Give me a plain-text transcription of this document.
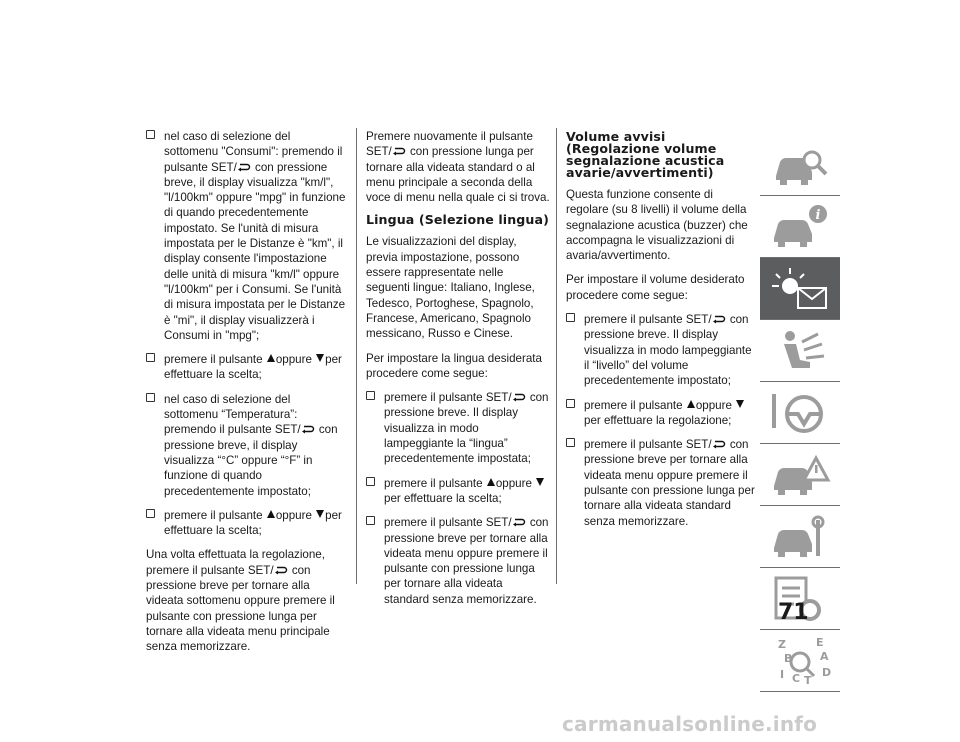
nel caso di selezione del sottomenu "Consumi": premendo il pulsante SET/ con pressione breve, il display visualizza "km/l", "l/100km" oppure "mpg" in funzione di quando precedentemente impostato. Se l'unità di misura impostata per le Distanze è "km", il display consente l'impostazione delle unità di misura "km/l" oppure "l/100km" per i Consumi. Se l'unità di misura impostata per le Distanze è "mi", il display visualizzerà i Consumi in "mpg";
premere il pulsante oppure per effettuare la scelta;
nel caso di selezione del sottomenu “Temperatura”: premendo il pulsante SET/ con pressione breve, il display visualizza “°C” oppure “°F” in funzione di quando precedentemente impostato;
premere il pulsante oppure per effettuare la scelta;
Una volta effettuata la regolazione, premere il pulsante SET/ con pressione breve per tornare alla videata sottomenu oppure premere il pulsante con pressione lunga per tornare alla videata menu principale senza memorizzare.
Premere nuovamente il pulsante SET/ con pressione lunga per tornare alla videata standard o al menu principale a seconda della voce di menu nella quale ci si trova.
Lingua (Selezione lingua)
Le visualizzazioni del display, previa impostazione, possono essere rappresentate nelle seguenti lingue: Italiano, Inglese, Tedesco, Portoghese, Spagnolo, Francese, Americano, Spagnolo messicano, Russo e Cinese.
Per impostare la lingua desiderata procedere come segue:
premere il pulsante SET/ con pressione breve. Il display visualizza in modo lampeggiante la “lingua” precedentemente impostata;
premere il pulsante oppure per effettuare la scelta;
premere il pulsante SET/ con pressione breve per tornare alla videata menu oppure premere il pulsante con pressione lunga per tornare alla videata standard senza memorizzare.
Volume avvisi (Regolazione volume segnalazione acustica avarie/avvertimenti)
Questa funzione consente di regolare (su 8 livelli) il volume della segnalazione acustica (buzzer) che accompagna le visualizzazioni di avaria/avvertimento.
Per impostare il volume desiderato procedere come segue:
premere il pulsante SET/ con pressione breve. Il display visualizza in modo lampeggiante il “livello” del volume precedentemente impostato;
premere il pulsante oppure per effettuare la regolazione;
premere il pulsante SET/ con pressione breve per tornare alla videata menu oppure premere il pulsante con pressione lunga per tornare alla videata standard senza memorizzare.
i
Z	E
B	A
I C T
D
71
carmanualsonline.info
